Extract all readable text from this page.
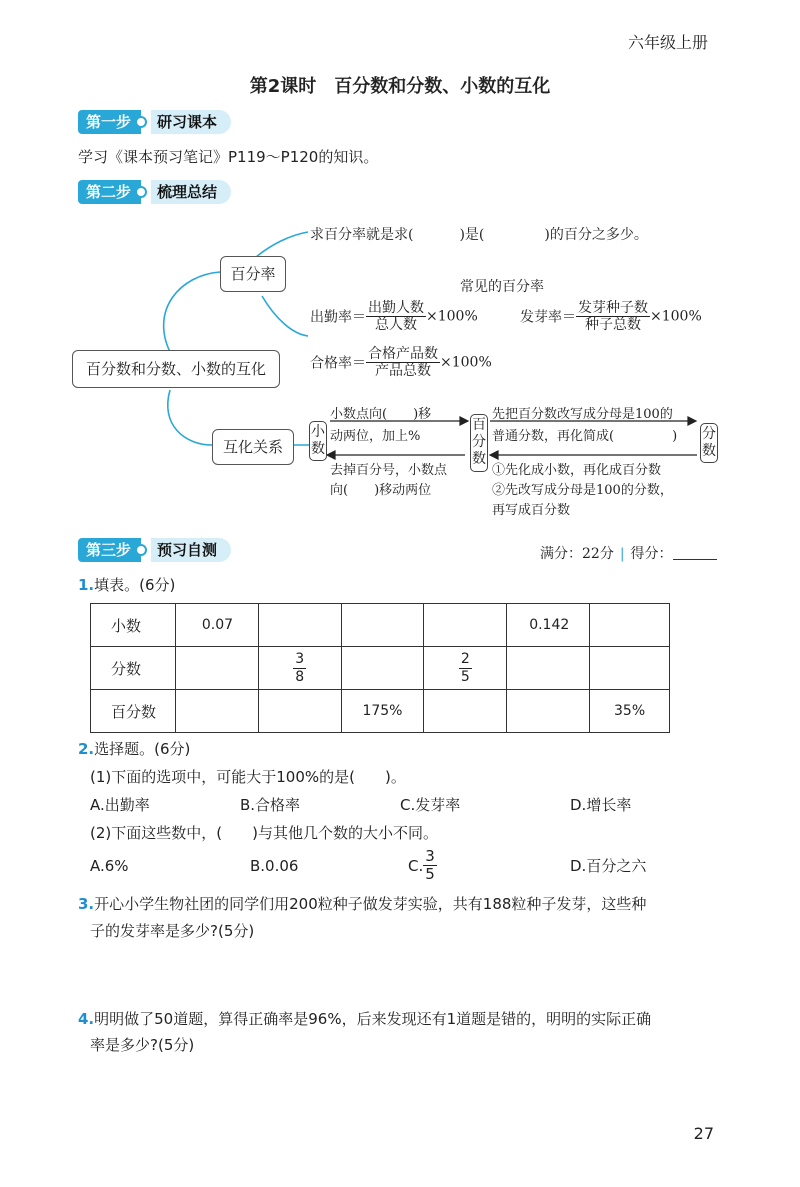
六年级上册
第2课时 百分数和分数、小数的互化
第一步	研习课本
学习《课本预习笔记》P119～P120的知识。
第二步	梳理总结
百分数和分数、小数的互化
百分率
互化关系
求百分率就是求(	)是(	)的百分之多少。
常见的百分率
出勤率＝ $\frac{\text{出勤人数}}{\text{总人数}} \times 100\%$	发芽率＝ $\frac{\text{发芽种子数}}{\text{种子总数}} \times 100\%$
合格率＝ $\frac{\text{合格产品数}}{\text{产品总数}} \times 100\%$
小数
百分数
分数
小数点向( )移
动两位，加上%
去掉百分号，小数点
向( )移动两位
先把百分数改写成分母是100的
普通分数，再化简成(	)
①先化成小数，再化成百分数
②先改写成分母是100的分数，
再写成百分数
第三步	预习自测	满分：22分 | 得分：
1.填表。(6分)
小数	0.07				0.142	
分数		$\frac{3}{8}$		$\frac{2}{5}$

百分数			175%			35%
2.选择题。(6分)
(1)下面的选项中，可能大于100%的是(　　)。
A.出勤率	B.合格率	C.发芽率	D.增长率
(2)下面这些数中，(　　)与其他几个数的大小不同。
A.6%	B.0.06	C. $\frac{3}{5}$	D.百分之六
3.开心小学生物社团的同学们用200粒种子做发芽实验，共有188粒种子发芽，这些种
子的发芽率是多少?(5分)
4.明明做了50道题，算得正确率是96%，后来发现还有1道题是错的，明明的实际正确
率是多少?(5分)
27
